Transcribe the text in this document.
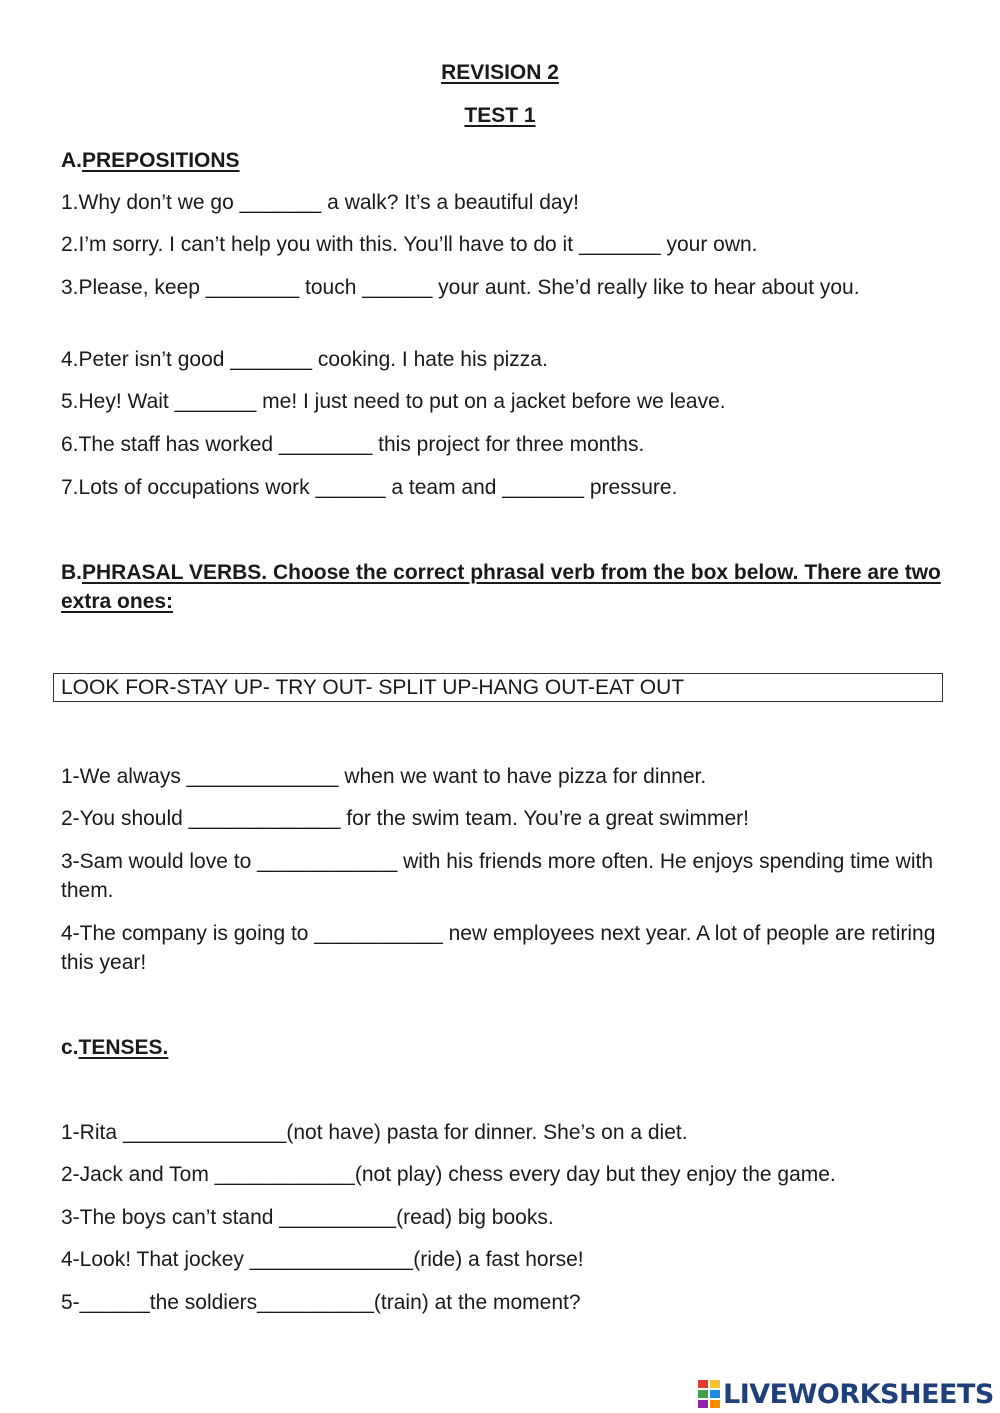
REVISION 2
TEST 1
A.PREPOSITIONS
1.Why don’t we go _______ a walk? It’s a beautiful day!
2.I’m sorry. I can’t help you with this. You’ll have to do it _______ your own.
3.Please, keep ________ touch ______ your aunt. She’d really like to hear about you.
4.Peter isn’t good _______ cooking. I hate his pizza.
5.Hey! Wait _______ me! I just need to put on a jacket before we leave.
6.The staff has worked ________ this project for three months.
7.Lots of occupations work ______ a team and _______ pressure.
B.PHRASAL VERBS. Choose the correct phrasal verb from the box below. There are two extra ones:
LOOK FOR-STAY UP- TRY OUT- SPLIT UP-HANG OUT-EAT OUT
1-We always _____________ when we want to have pizza for dinner.
2-You should _____________ for the swim team. You’re a great swimmer!
3-Sam would love to ____________ with his friends more often. He enjoys spending time with them.
4-The company is going to ___________ new employees next year. A lot of people are retiring this year!
c.TENSES.
1-Rita ______________(not have) pasta for dinner. She’s on a diet.
2-Jack and Tom ____________(not play) chess every day but they enjoy the game.
3-The boys can’t stand __________(read) big books.
4-Look! That jockey ______________(ride) a fast horse!
5-______the soldiers__________(train) at the moment?
LIVEWORKSHEETS
